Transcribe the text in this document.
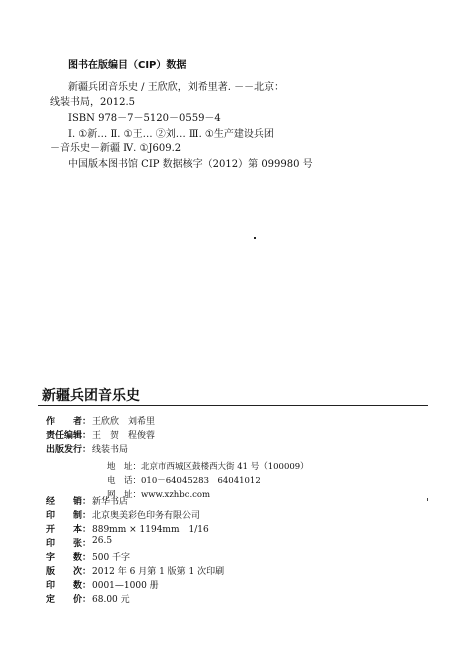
图书在版编目（CIP）数据
新疆兵团音乐史 / 王欣欣，刘希里著. －－北京：
线装书局，2012.5
ISBN 978－7－5120－0559－4
Ⅰ. ①新… Ⅱ. ①王… ②刘… Ⅲ. ①生产建设兵团
－音乐史－新疆 Ⅳ. ①J609.2
中国版本图书馆 CIP 数据核字（2012）第 099980 号
新疆兵团音乐史
作　　者： 王欣欣　刘希里
责任编辑： 王　贺　程俊蓉
出版发行： 线装书局
地　址：北京市西城区鼓楼西大街 41 号（100009）
电　话：010－64045283　64041012
网　址：www.xzhbc.com
经　　销： 新华书店
印　　制： 北京奥美彩色印务有限公司
开　　本： 889mm × 1194mm　1/16
印　　张： 26.5
字　　数： 500 千字
版　　次： 2012 年 6 月第 1 版第 1 次印刷
印　　数： 0001—1000 册
定　　价： 68.00 元
